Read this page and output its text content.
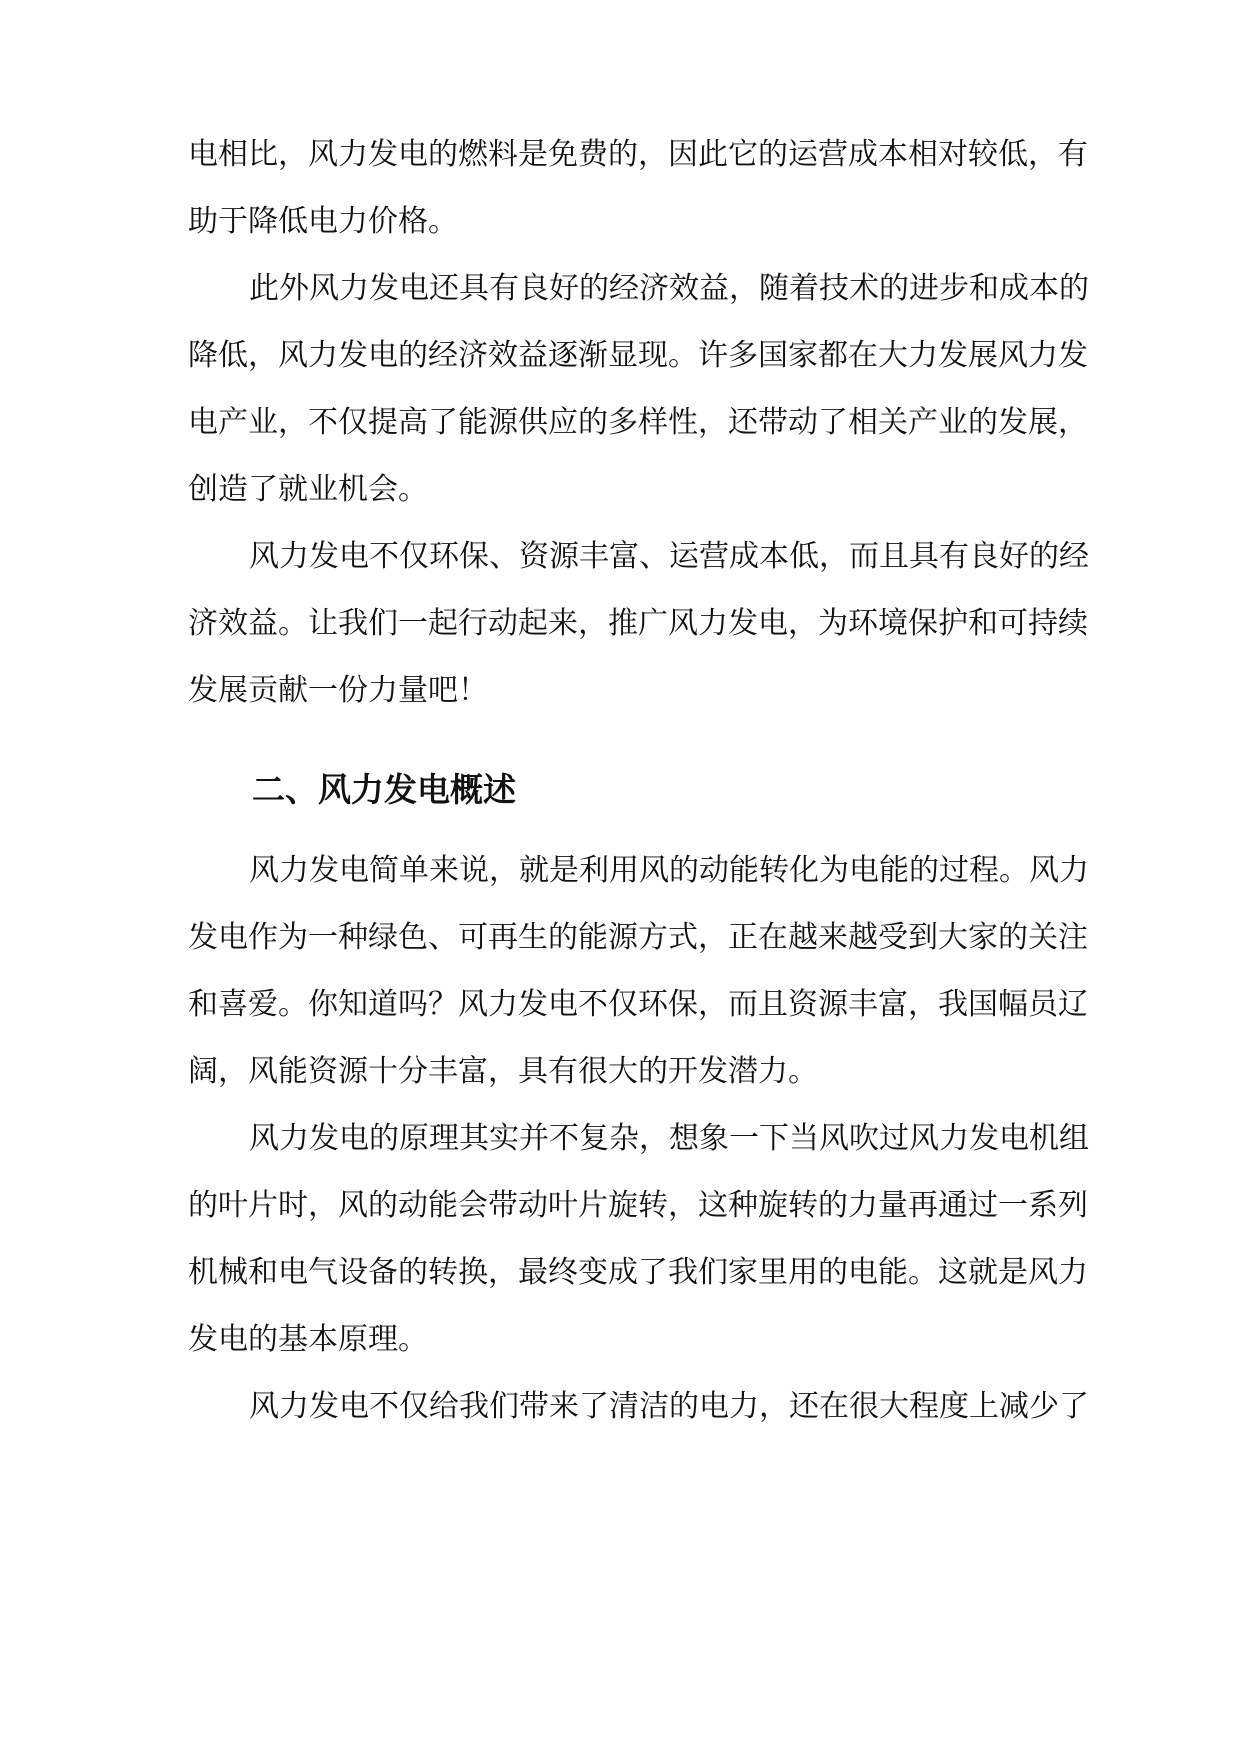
电相比，风力发电的燃料是免费的，因此它的运营成本相对较低，有
助于降低电力价格。
此外风力发电还具有良好的经济效益，随着技术的进步和成本的
降低，风力发电的经济效益逐渐显现。许多国家都在大力发展风力发
电产业，不仅提高了能源供应的多样性，还带动了相关产业的发展，
创造了就业机会。
风力发电不仅环保、资源丰富、运营成本低，而且具有良好的经
济效益。让我们一起行动起来，推广风力发电，为环境保护和可持续
发展贡献一份力量吧！
二、风力发电概述
风力发电简单来说，就是利用风的动能转化为电能的过程。风力
发电作为一种绿色、可再生的能源方式，正在越来越受到大家的关注
和喜爱。你知道吗？风力发电不仅环保，而且资源丰富，我国幅员辽
阔，风能资源十分丰富，具有很大的开发潜力。
风力发电的原理其实并不复杂，想象一下当风吹过风力发电机组
的叶片时，风的动能会带动叶片旋转，这种旋转的力量再通过一系列
机械和电气设备的转换，最终变成了我们家里用的电能。这就是风力
发电的基本原理。
风力发电不仅给我们带来了清洁的电力，还在很大程度上减少了
